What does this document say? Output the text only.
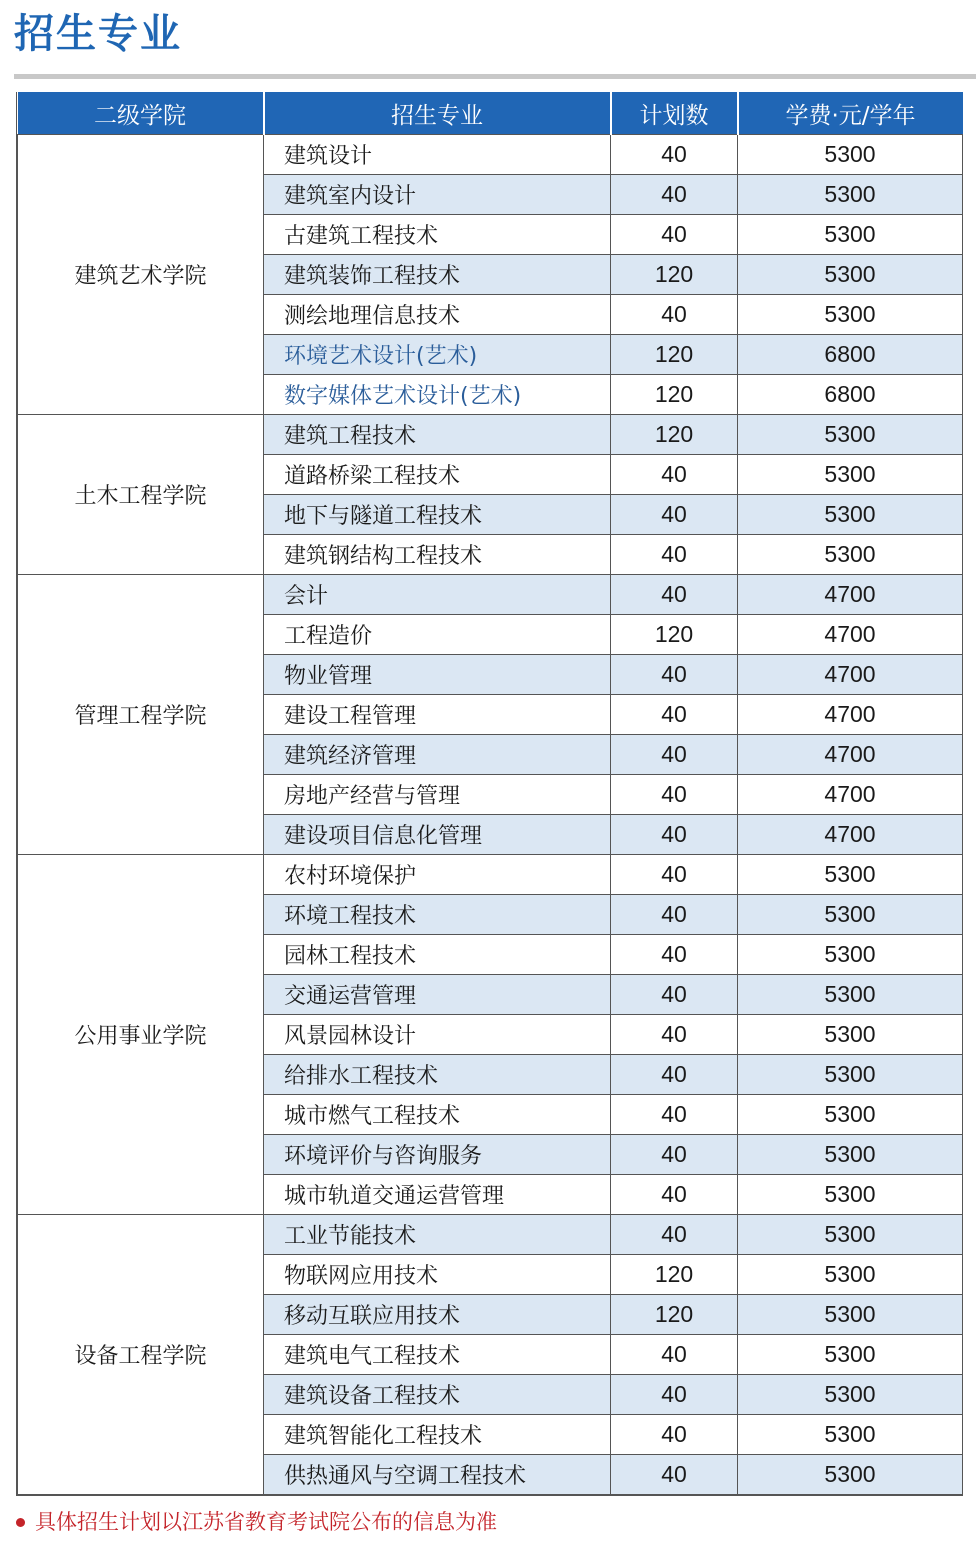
招生专业
二级学院	招生专业	计划数	学费·元/学年
建筑艺术学院	建筑设计	40	5300
	建筑室内设计	40	5300
	古建筑工程技术	40	5300
	建筑装饰工程技术	120	5300
	测绘地理信息技术	40	5300
	环境艺术设计(艺术)	120	6800
	数字媒体艺术设计(艺术)	120	6800
土木工程学院	建筑工程技术	120	5300
	道路桥梁工程技术	40	5300
	地下与隧道工程技术	40	5300
	建筑钢结构工程技术	40	5300
管理工程学院	会计	40	4700
	工程造价	120	4700
	物业管理	40	4700
	建设工程管理	40	4700
	建筑经济管理	40	4700
	房地产经营与管理	40	4700
	建设项目信息化管理	40	4700
公用事业学院	农村环境保护	40	5300
	环境工程技术	40	5300
	园林工程技术	40	5300
	交通运营管理	40	5300
	风景园林设计	40	5300
	给排水工程技术	40	5300
	城市燃气工程技术	40	5300
	环境评价与咨询服务	40	5300
	城市轨道交通运营管理	40	5300
设备工程学院	工业节能技术	40	5300
	物联网应用技术	120	5300
	移动互联应用技术	120	5300
	建筑电气工程技术	40	5300
	建筑设备工程技术	40	5300
	建筑智能化工程技术	40	5300
	供热通风与空调工程技术	40	5300
具体招生计划以江苏省教育考试院公布的信息为准
